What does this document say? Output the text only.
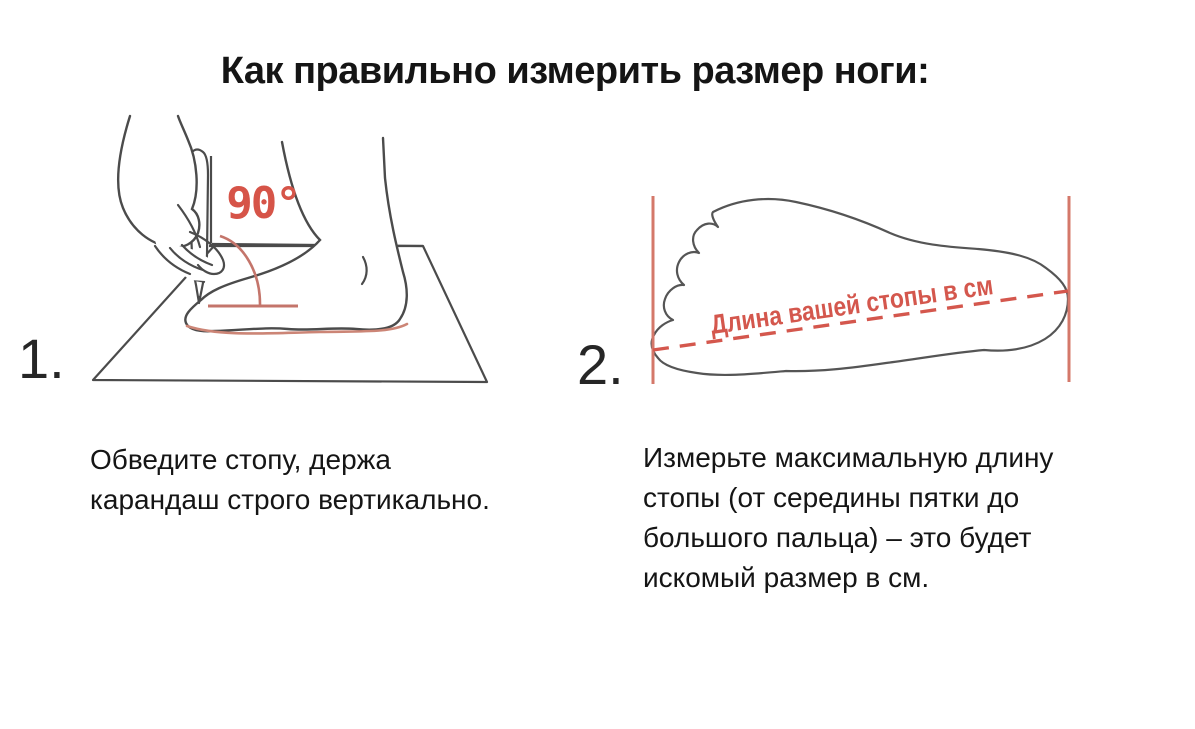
Как правильно измерить размер ноги:
1.
90°
Обведите стопу, держа
карандаш строго вертикально.
2.
Длина вашей стопы в см
Измерьте максимальную длину
стопы (от середины пятки до
большого пальца) – это будет
искомый размер в см.
